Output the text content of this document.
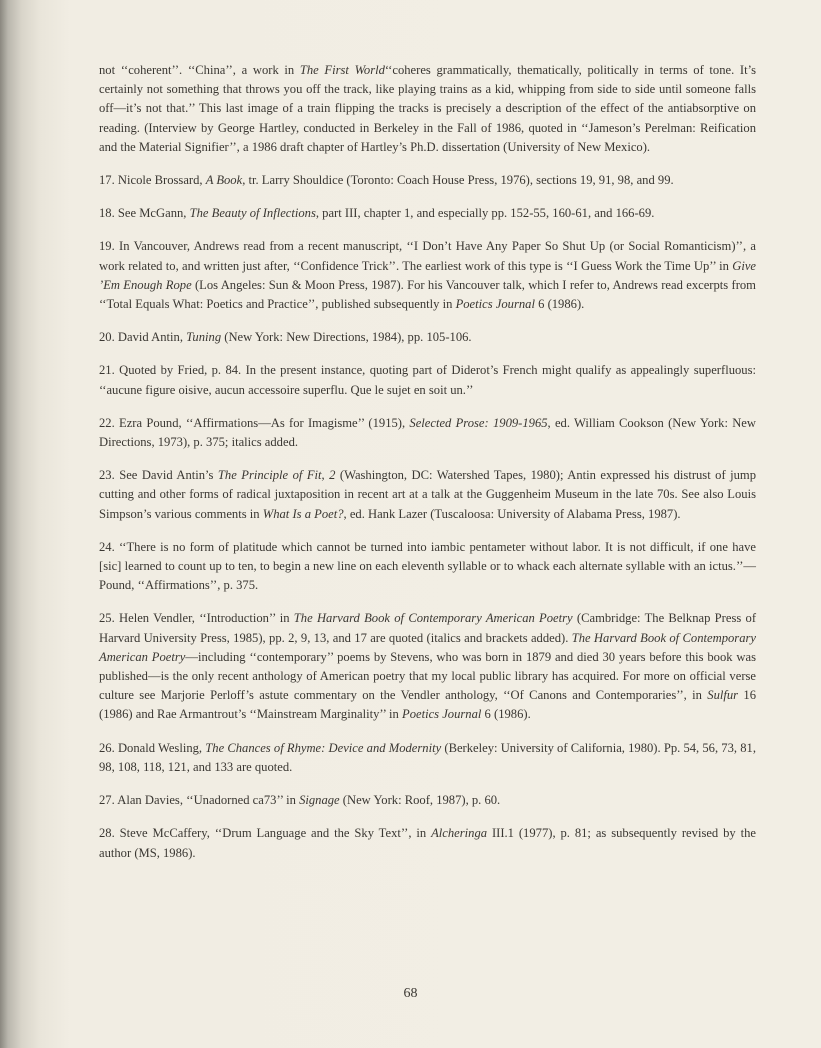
not ‘‘coherent’’. ‘‘China’’, a work in The First World‘‘coheres grammatically, thematically, politically in terms of tone. It’s certainly not something that throws you off the track, like playing trains as a kid, whipping from side to side until someone falls off—it’s not that.’’ This last image of a train flipping the tracks is precisely a description of the effect of the antiabsorptive on reading. (Interview by George Hartley, conducted in Berkeley in the Fall of 1986, quoted in ‘‘Jameson’s Perelman: Reification and the Material Signifier’’, a 1986 draft chapter of Hartley’s Ph.D. dissertation (University of New Mexico).

17. Nicole Brossard, A Book, tr. Larry Shouldice (Toronto: Coach House Press, 1976), sections 19, 91, 98, and 99.

18. See McGann, The Beauty of Inflections, part III, chapter 1, and especially pp. 152-55, 160-61, and 166-69.

19. In Vancouver, Andrews read from a recent manuscript, ‘‘I Don’t Have Any Paper So Shut Up (or Social Romanticism)’’, a work related to, and written just after, ‘‘Confidence Trick’’. The earliest work of this type is ‘‘I Guess Work the Time Up’’ in Give ’Em Enough Rope (Los Angeles: Sun & Moon Press, 1987). For his Vancouver talk, which I refer to, Andrews read excerpts from ‘‘Total Equals What: Poetics and Practice’’, published subsequently in Poetics Journal 6 (1986).

20. David Antin, Tuning (New York: New Directions, 1984), pp. 105-106.

21. Quoted by Fried, p. 84. In the present instance, quoting part of Diderot’s French might qualify as appealingly superfluous: ‘‘aucune figure oisive, aucun accessoire superflu. Que le sujet en soit un.’’

22. Ezra Pound, ‘‘Affirmations—As for Imagisme’’ (1915), Selected Prose: 1909-1965, ed. William Cookson (New York: New Directions, 1973), p. 375; italics added.

23. See David Antin’s The Principle of Fit, 2 (Washington, DC: Watershed Tapes, 1980); Antin expressed his distrust of jump cutting and other forms of radical juxtaposition in recent art at a talk at the Guggenheim Museum in the late 70s. See also Louis Simpson’s various comments in What Is a Poet?, ed. Hank Lazer (Tuscaloosa: University of Alabama Press, 1987).

24. ‘‘There is no form of platitude which cannot be turned into iambic pentameter without labor. It is not difficult, if one have [sic] learned to count up to ten, to begin a new line on each eleventh syllable or to whack each alternate syllable with an ictus.’’—Pound, ‘‘Affirmations’’, p. 375.

25. Helen Vendler, ‘‘Introduction’’ in The Harvard Book of Contemporary American Poetry (Cambridge: The Belknap Press of Harvard University Press, 1985), pp. 2, 9, 13, and 17 are quoted (italics and brackets added). The Harvard Book of Contemporary American Poetry—including ‘‘contemporary’’ poems by Stevens, who was born in 1879 and died 30 years before this book was published—is the only recent anthology of American poetry that my local public library has acquired. For more on official verse culture see Marjorie Perloff’s astute commentary on the Vendler anthology, ‘‘Of Canons and Contemporaries’’, in Sulfur 16 (1986) and Rae Armantrout’s ‘‘Mainstream Marginality’’ in Poetics Journal 6 (1986).

26. Donald Wesling, The Chances of Rhyme: Device and Modernity (Berkeley: University of California, 1980). Pp. 54, 56, 73, 81, 98, 108, 118, 121, and 133 are quoted.

27. Alan Davies, ‘‘Unadorned ca73’’ in Signage (New York: Roof, 1987), p. 60.

28. Steve McCaffery, ‘‘Drum Language and the Sky Text’’, in Alcheringa III.1 (1977), p. 81; as subsequently revised by the author (MS, 1986).

68
